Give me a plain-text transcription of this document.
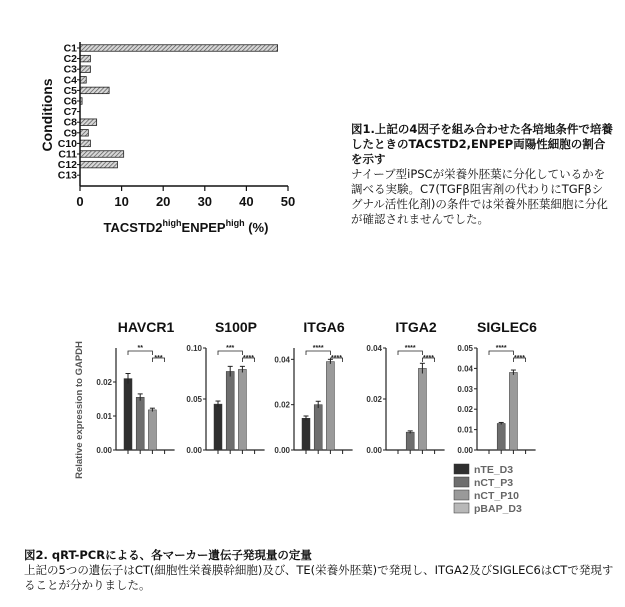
Conditions
C1
C2
C3
C4
C5
C6
C7
C8
C9
C10
C11
C12
C13
0 10 20 30 40 50
$TACSTD2^{high}ENPEP^{high}$ (%)
図1.上記の4因子を組み合わせた各培地条件で培養したときのTACSTD2,ENPEP両陽性細胞の割合を示す
ナイーブ型iPSCが栄養外胚葉に分化しているかを調べる実験。C7(TGFβ阻害剤の代わりにTGFβシグナル活性化剤)の条件では栄養外胚葉細胞に分化が確認されませんでした。
Relative expression to GAPDH
HAVCR1
0.00
0.01
0.02
**
***
S100P
0.00
0.05
0.10	***
****
ITGA6
0.00
0.02
0.04
****
****
ITGA2
0.00
0.02
0.04	****
****
SIGLEC6
0.00
0.01
0.02
0.03
0.04
0.05	****
****
nTE_D3
nCT_P3
nCT_P10
pBAP_D3
図2. qRT-PCRによる、各マーカー遺伝子発現量の定量
上記の5つの遺伝子はCT(細胞性栄養膜幹細胞)及び、TE(栄養外胚葉)で発現し、ITGA2及びSIGLEC6はCTで発現することが分かりました。
